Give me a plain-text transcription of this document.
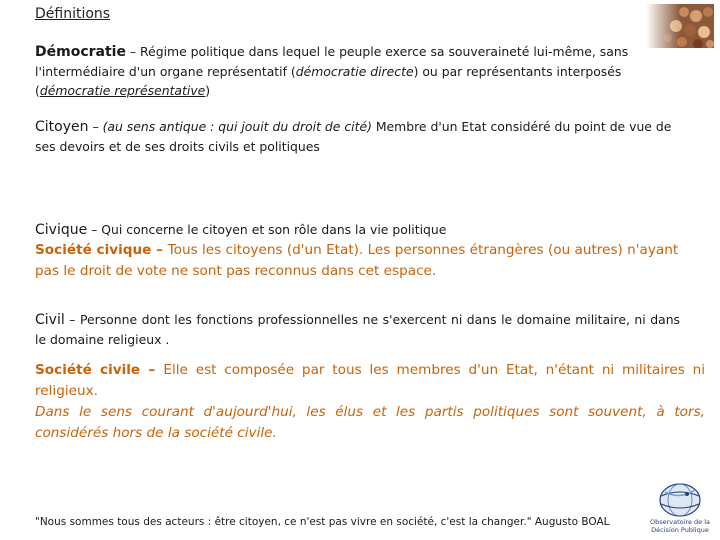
Définitions
Démocratie – Régime politique dans lequel le peuple exerce sa souveraineté lui-même, sans l'intermédiaire d'un organe représentatif (démocratie directe) ou par représentants interposés (démocratie représentative)
Citoyen – (au sens antique : qui jouit du droit de cité) Membre d'un Etat considéré du point de vue de ses devoirs et de ses droits civils et politiques
Civique – Qui concerne le citoyen et son rôle dans la vie politique
Société civique – Tous les citoyens (d'un Etat). Les personnes étrangères (ou autres) n'ayant pas le droit de vote ne sont pas reconnus dans cet espace.
Civil – Personne dont les fonctions professionnelles ne s'exercent ni dans le domaine militaire, ni dans le domaine religieux .
Société civile – Elle est composée par tous les membres d'un Etat, n'étant ni militaires ni religieux.
Dans le sens courant d'aujourd'hui, les élus et les partis politiques sont souvent, à tors, considérés hors de la société civile.
"Nous sommes tous des acteurs : être citoyen, ce n'est pas vivre en société, c'est la changer." Augusto BOAL	Observatoire de la
Décision Publique
